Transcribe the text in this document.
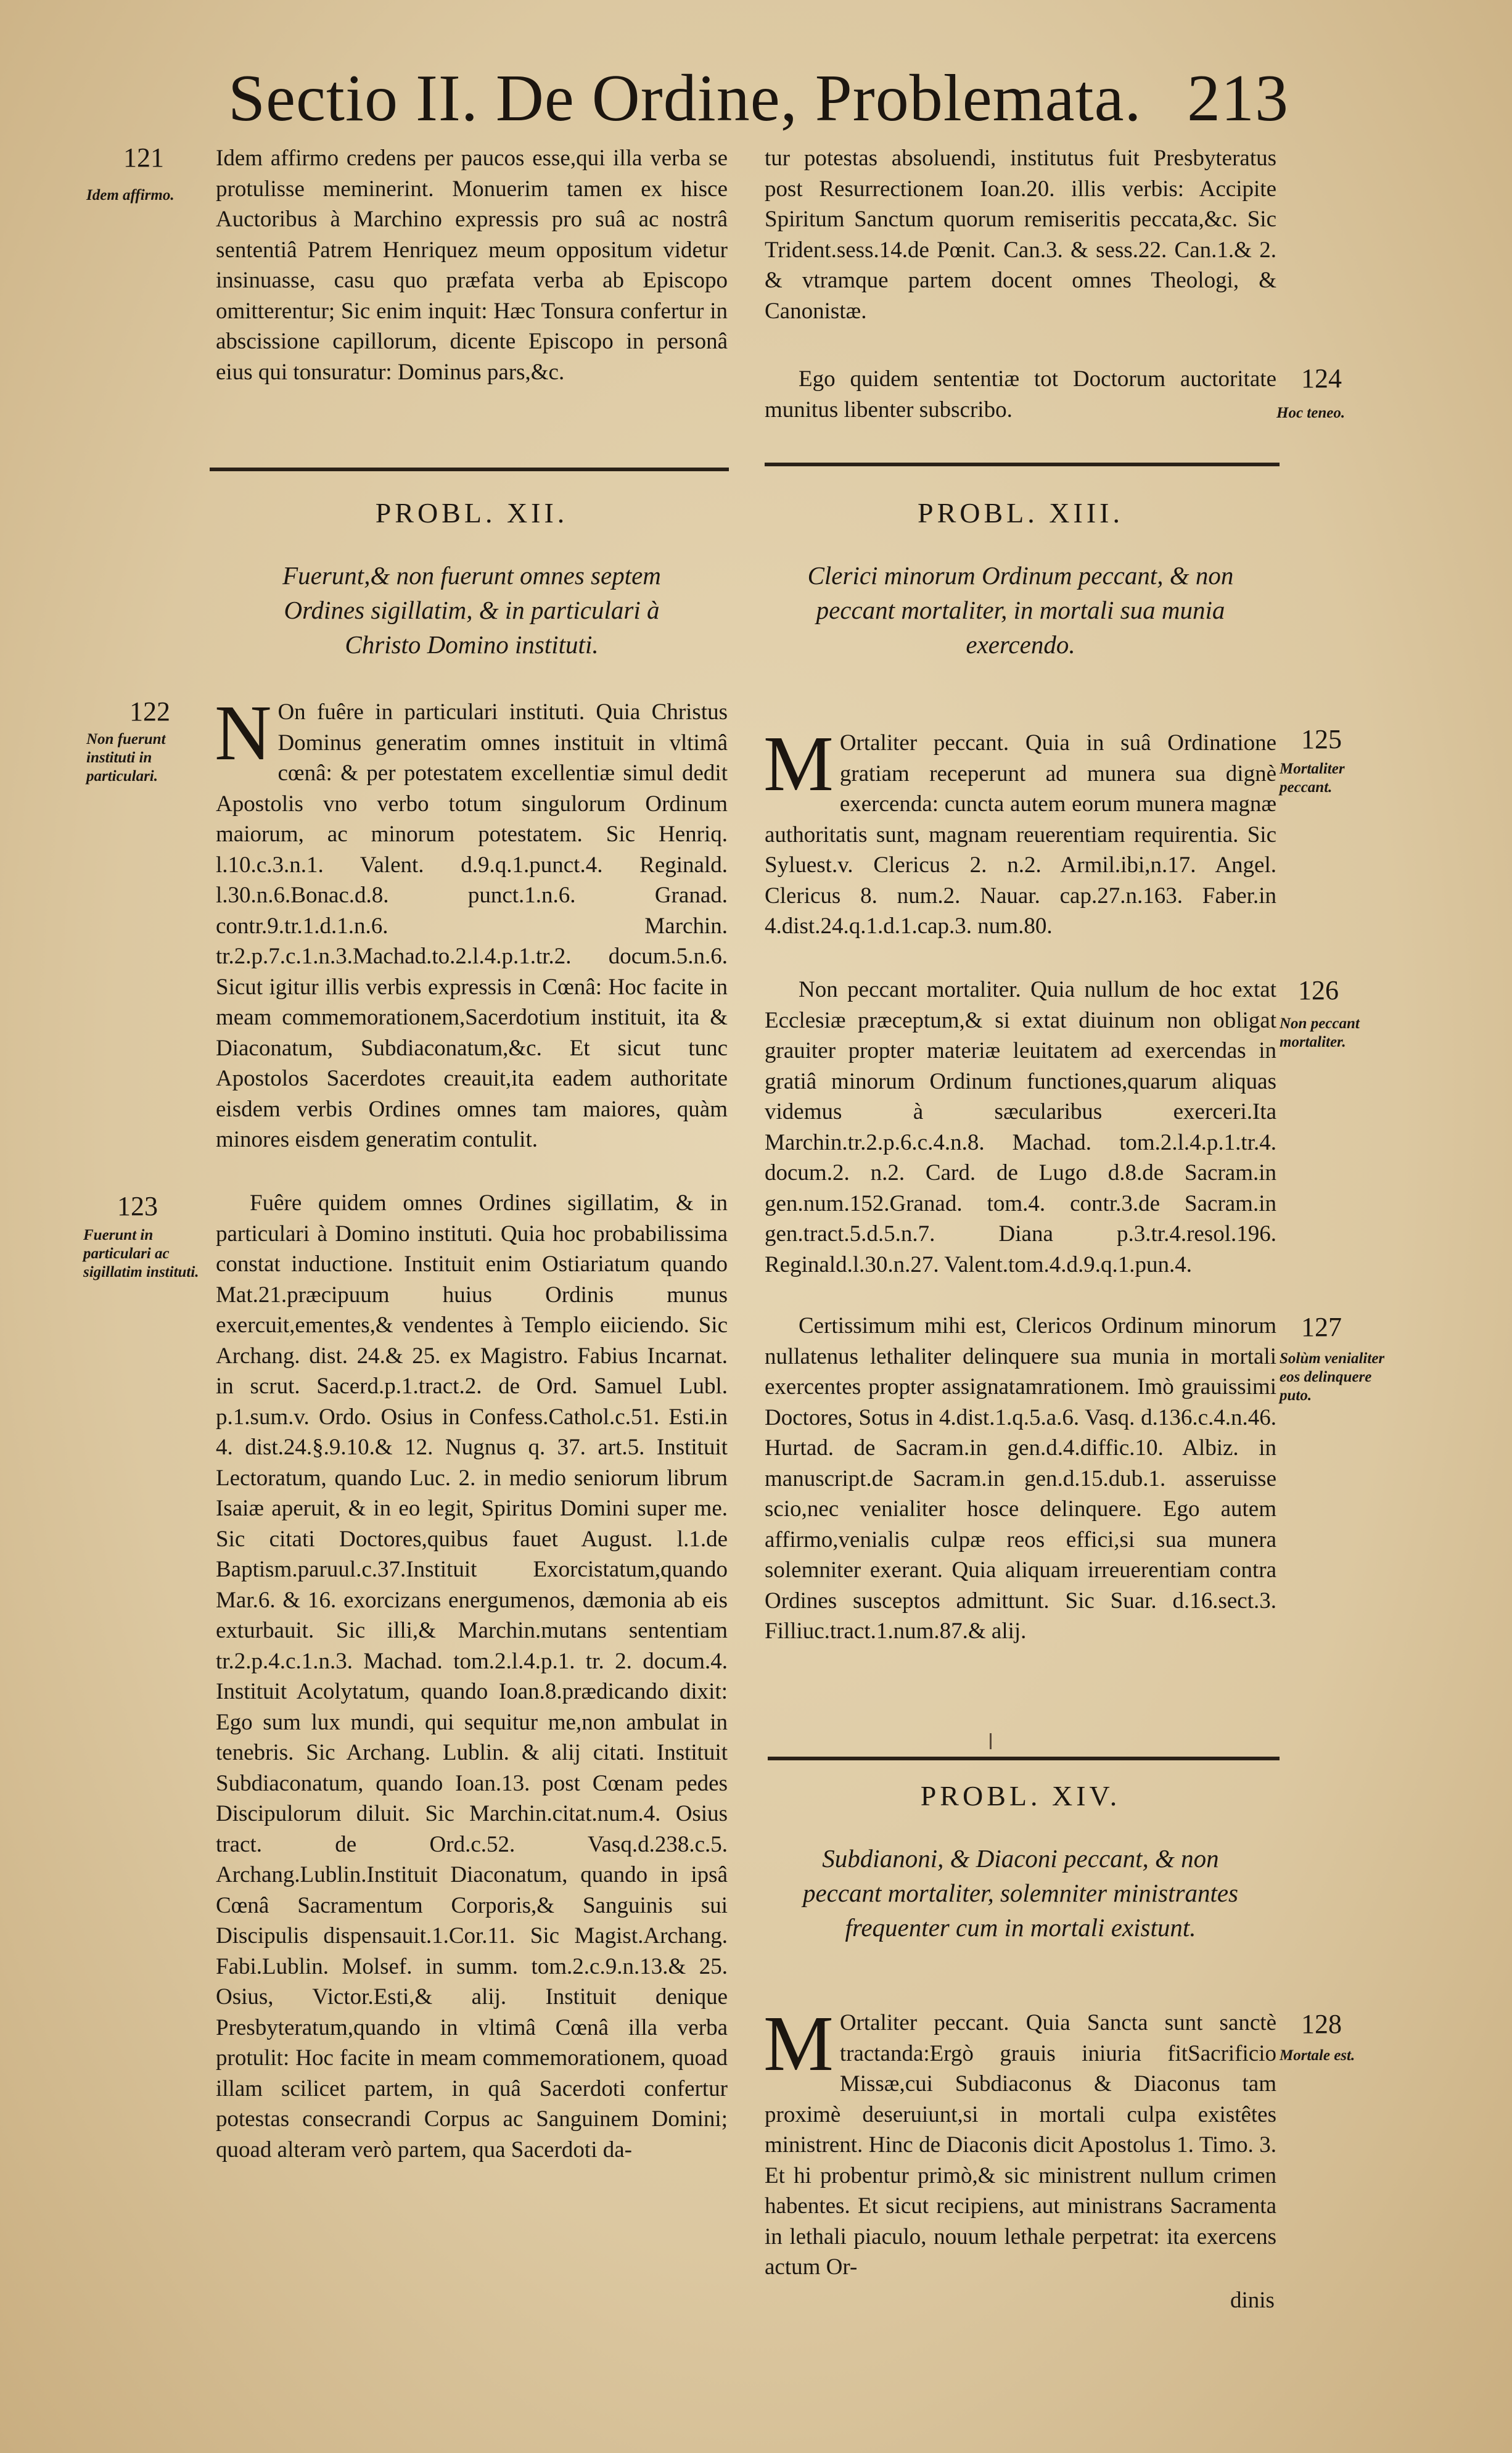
Sectio II. De Ordine, Problemata. 213

Idem affirmo credens per paucos esse,qui illa verba se protulisse meminerint. Monuerim tamen ex hisce Auctoribus à Marchino expressis pro suâ ac nostrâ sententiâ Patrem Henriquez meum oppositum videtur insinuasse, casu quo præfata verba ab Episcopo omitterentur; Sic enim inquit: Hæc Tonsura confertur in abscissione capillorum, dicente Episcopo in personâ eius qui tonsuratur: Dominus pars,&c.

PROBL. XII.
Fuerunt,& non fuerunt omnes septem Ordines sigillatim, & in particulari à Christo Domino instituti.

N On fuêre in particulari instituti. Quia Christus Dominus generatim omnes instituit in vltimâ cœnâ: & per potestatem excellentiæ simul dedit Apostolis vno verbo totum singulorum Ordinum maiorum, ac minorum potestatem. Sic Henriq. l.10.c.3.n.1. Valent. d.9.q.1.punct.4. Reginald. l.30.n.6.Bonac.d.8. punct.1.n.6. Granad. contr.9.tr.1.d.1.n.6. Marchin. tr.2.p.7.c.1.n.3.Machad.to.2.l.4.p.1.tr.2. docum.5.n.6. Sicut igitur illis verbis expressis in Cœnâ: Hoc facite in meam commemorationem,Sacerdotium instituit, ita & Diaconatum, Subdiaconatum,&c. Et sicut tunc Apostolos Sacerdotes creauit,ita eadem authoritate eisdem verbis Ordines omnes tam maiores, quàm minores eisdem generatim contulit.

Fuêre quidem omnes Ordines sigillatim, & in particulari à Domino instituti. Quia hoc probabilissima constat inductione. Instituit enim Ostiariatum quando Mat.21.præcipuum huius Ordinis munus exercuit,ementes,& vendentes à Templo eiiciendo. Sic Archang. dist. 24.& 25. ex Magistro. Fabius Incarnat. in scrut. Sacerd.p.1.tract.2. de Ord. Samuel Lubl. p.1.sum.v. Ordo. Osius in Confess.Cathol.c.51. Esti.in 4. dist.24.§.9.10.& 12. Nugnus q. 37. art.5. Instituit Lectoratum, quando Luc. 2. in medio seniorum librum Isaiæ aperuit, & in eo legit, Spiritus Domini super me. Sic citati Doctores,quibus fauet August. l.1.de Baptism.paruul.c.37.Instituit Exorcistatum,quando Mar.6. & 16. exorcizans energumenos, dæmonia ab eis exturbauit. Sic illi,& Marchin.mutans sententiam tr.2.p.4.c.1.n.3. Machad. tom.2.l.4.p.1. tr. 2. docum.4. Instituit Acolytatum, quando Ioan.8.prædicando dixit: Ego sum lux mundi, qui sequitur me,non ambulat in tenebris. Sic Archang. Lublin. & alij citati. Instituit Subdiaconatum, quando Ioan.13. post Cœnam pedes Discipulorum diluit. Sic Marchin.citat.num.4. Osius tract. de Ord.c.52. Vasq.d.238.c.5. Archang.Lublin.Instituit Diaconatum, quando in ipsâ Cœnâ Sacramentum Corporis,& Sanguinis sui Discipulis dispensauit.1.Cor.11. Sic Magist.Archang. Fabi.Lublin. Molsef. in summ. tom.2.c.9.n.13.& 25. Osius, Victor.Esti,& alij. Instituit denique Presbyteratum,quando in vltimâ Cœnâ illa verba protulit: Hoc facite in meam commemorationem, quoad illam scilicet partem, in quâ Sacerdoti confertur potestas consecrandi Corpus ac Sanguinem Domini; quoad alteram verò partem, qua Sacerdoti da-

tur potestas absoluendi, institutus fuit Presbyteratus post Resurrectionem Ioan.20. illis verbis: Accipite Spiritum Sanctum quorum remiseritis peccata,&c. Sic Trident.sess.14.de Pœnit. Can.3. & sess.22. Can.1.& 2. & vtramque partem docent omnes Theologi, & Canonistæ.

Ego quidem sententiæ tot Doctorum auctoritate munitus libenter subscribo.

PROBL. XIII.
Clerici minorum Ordinum peccant, & non peccant mortaliter, in mortali sua munia exercendo.

M Ortaliter peccant. Quia in suâ Ordinatione gratiam receperunt ad munera sua dignè exercenda: cuncta autem eorum munera magnæ authoritatis sunt, magnam reuerentiam requirentia. Sic Syluest.v. Clericus 2. n.2. Armil.ibi,n.17. Angel. Clericus 8. num.2. Nauar. cap.27.n.163. Faber.in 4.dist.24.q.1.d.1.cap.3. num.80.

Non peccant mortaliter. Quia nullum de hoc extat Ecclesiæ præceptum,& si extat diuinum non obligat grauiter propter materiæ leuitatem ad exercendas in gratiâ minorum Ordinum functiones,quarum aliquas videmus à sæcularibus exerceri.Ita Marchin.tr.2.p.6.c.4.n.8. Machad. tom.2.l.4.p.1.tr.4. docum.2. n.2. Card. de Lugo d.8.de Sacram.in gen.num.152.Granad. tom.4. contr.3.de Sacram.in gen.tract.5.d.5.n.7. Diana p.3.tr.4.resol.196. Reginald.l.30.n.27. Valent.tom.4.d.9.q.1.pun.4.

Certissimum mihi est, Clericos Ordinum minorum nullatenus lethaliter delinquere sua munia in mortali exercentes propter assignatamrationem. Imò grauissimi Doctores, Sotus in 4.dist.1.q.5.a.6. Vasq. d.136.c.4.n.46. Hurtad. de Sacram.in gen.d.4.diffic.10. Albiz. in manuscript.de Sacram.in gen.d.15.dub.1. asseruisse scio,nec venialiter hosce delinquere. Ego autem affirmo,venialis culpæ reos effici,si sua munera solemniter exerant. Quia aliquam irreuerentiam contra Ordines susceptos admittunt. Sic Suar. d.16.sect.3. Filliuc.tract.1.num.87.& alij.

PROBL. XIV.
Subdianoni, & Diaconi peccant, & non peccant mortaliter, solemniter ministrantes frequenter cum in mortali existunt.

M Ortaliter peccant. Quia Sancta sunt sanctè tractanda:Ergò grauis iniuria fitSacrificio Missæ,cui Subdiaconus & Diaconus tam proximè deseruiunt,si in mortali culpa existêtes ministrent. Hinc de Diaconis dicit Apostolus 1. Timo. 3. Et hi probentur primò,& sic ministrent nullum crimen habentes. Et sicut recipiens, aut ministrans Sacramenta in lethali piaculo, nouum lethale perpetrat: ita exercens actum Or-

dinis
121
Idem affirmo.
122
Non fuerunt instituti in particulari.
123
Fuerunt in particulari ac sigillatim instituti.
124
Hoc teneo.
125
Mortaliter peccant.
126
Non peccant mortaliter.
127
Solùm venialiter eos delinquere puto.
128
Mortale est.
